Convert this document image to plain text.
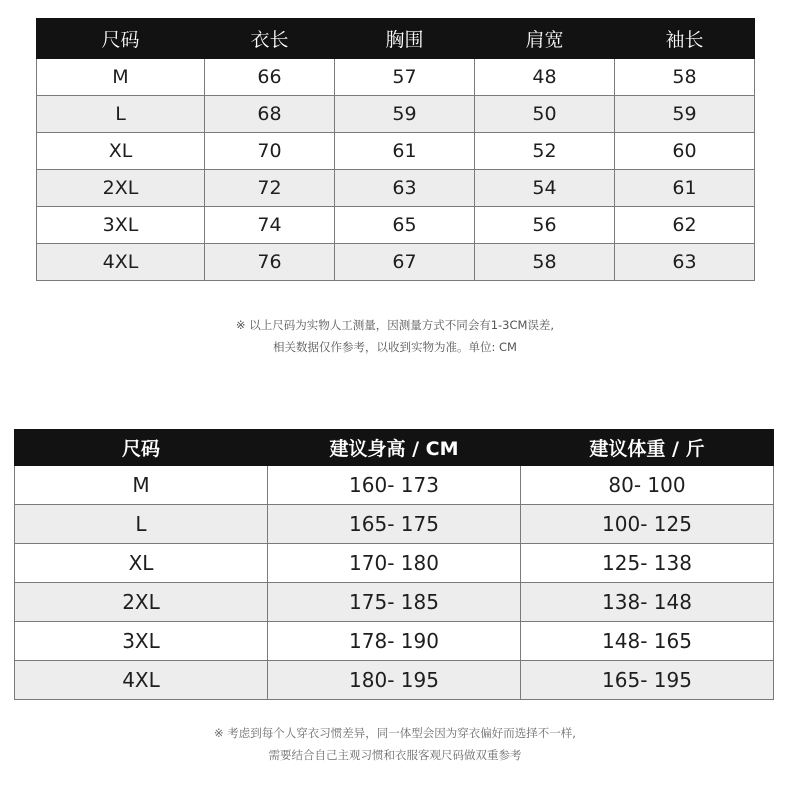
尺码	衣长	胸围	肩宽	袖长
M	66	57	48	58
L	68	59	50	59
XL	70	61	52	60
2XL	72	63	54	61
3XL	74	65	56	62
4XL	76	67	58	63
※ 以上尺码为实物人工测量，因测量方式不同会有1-3CM误差,
相关数据仅作参考，以收到实物为准。单位: CM
尺码	建议身高 / CM	建议体重 / 斤
M	160- 173	80- 100
L	165- 175	100- 125
XL	170- 180	125- 138
2XL	175- 185	138- 148
3XL	178- 190	148- 165
4XL	180- 195	165- 195
※ 考虑到每个人穿衣习惯差异，同一体型会因为穿衣偏好而选择不一样,
需要结合自己主观习惯和衣服客观尺码做双重参考
